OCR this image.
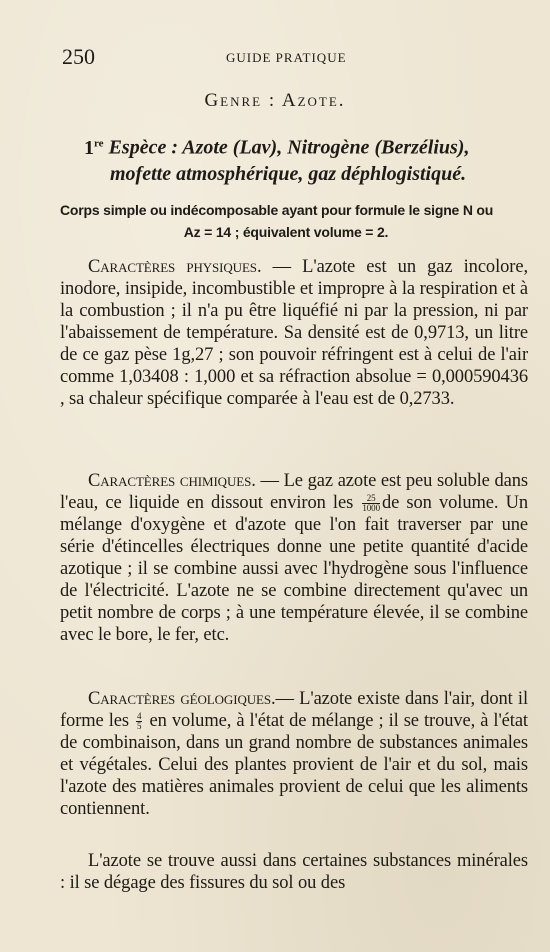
250	GUIDE PRATIQUE
Genre : Azote.
1re Espèce : Azote (Lav), Nitrogène (Berzélius), mofette atmosphérique, gaz déphlogistiqué.
Corps simple ou indécomposable ayant pour formule le signe N ou
Az = 14 ; équivalent volume = 2.

Caractères physiques. — L'azote est un gaz incolore, inodore, insipide, incombustible et impropre à la respiration et à la combustion ; il n'a pu être liquéfié ni par la pression, ni par l'abaissement de température. Sa densité est de 0,9713, un litre de ce gaz pèse 1g,27 ; son pouvoir réfringent est à celui de l'air comme 1,03408 : 1,000 et sa réfraction absolue = 0,000590436 , sa chaleur spécifique comparée à l'eau est de 0,2733.

Caractères chimiques. — Le gaz azote est peu soluble dans l'eau, ce liquide en dissout environ les $\frac{25}{1000}$ de son volume. Un mélange d'oxygène et d'azote que l'on fait traverser par une série d'étincelles électriques donne une petite quantité d'acide azotique ; il se combine aussi avec l'hydrogène sous l'influence de l'électricité. L'azote ne se combine directement qu'avec un petit nombre de corps ; à une température élevée, il se combine avec le bore, le fer, etc.

Caractères géologiques.— L'azote existe dans l'air, dont il forme les $\frac{4}{5}$ en volume, à l'état de mélange ; il se trouve, à l'état de combinaison, dans un grand nombre de substances animales et végétales. Celui des plantes provient de l'air et du sol, mais l'azote des matières animales provient de celui que les aliments contiennent.

L'azote se trouve aussi dans certaines substances minérales : il se dégage des fissures du sol ou des
